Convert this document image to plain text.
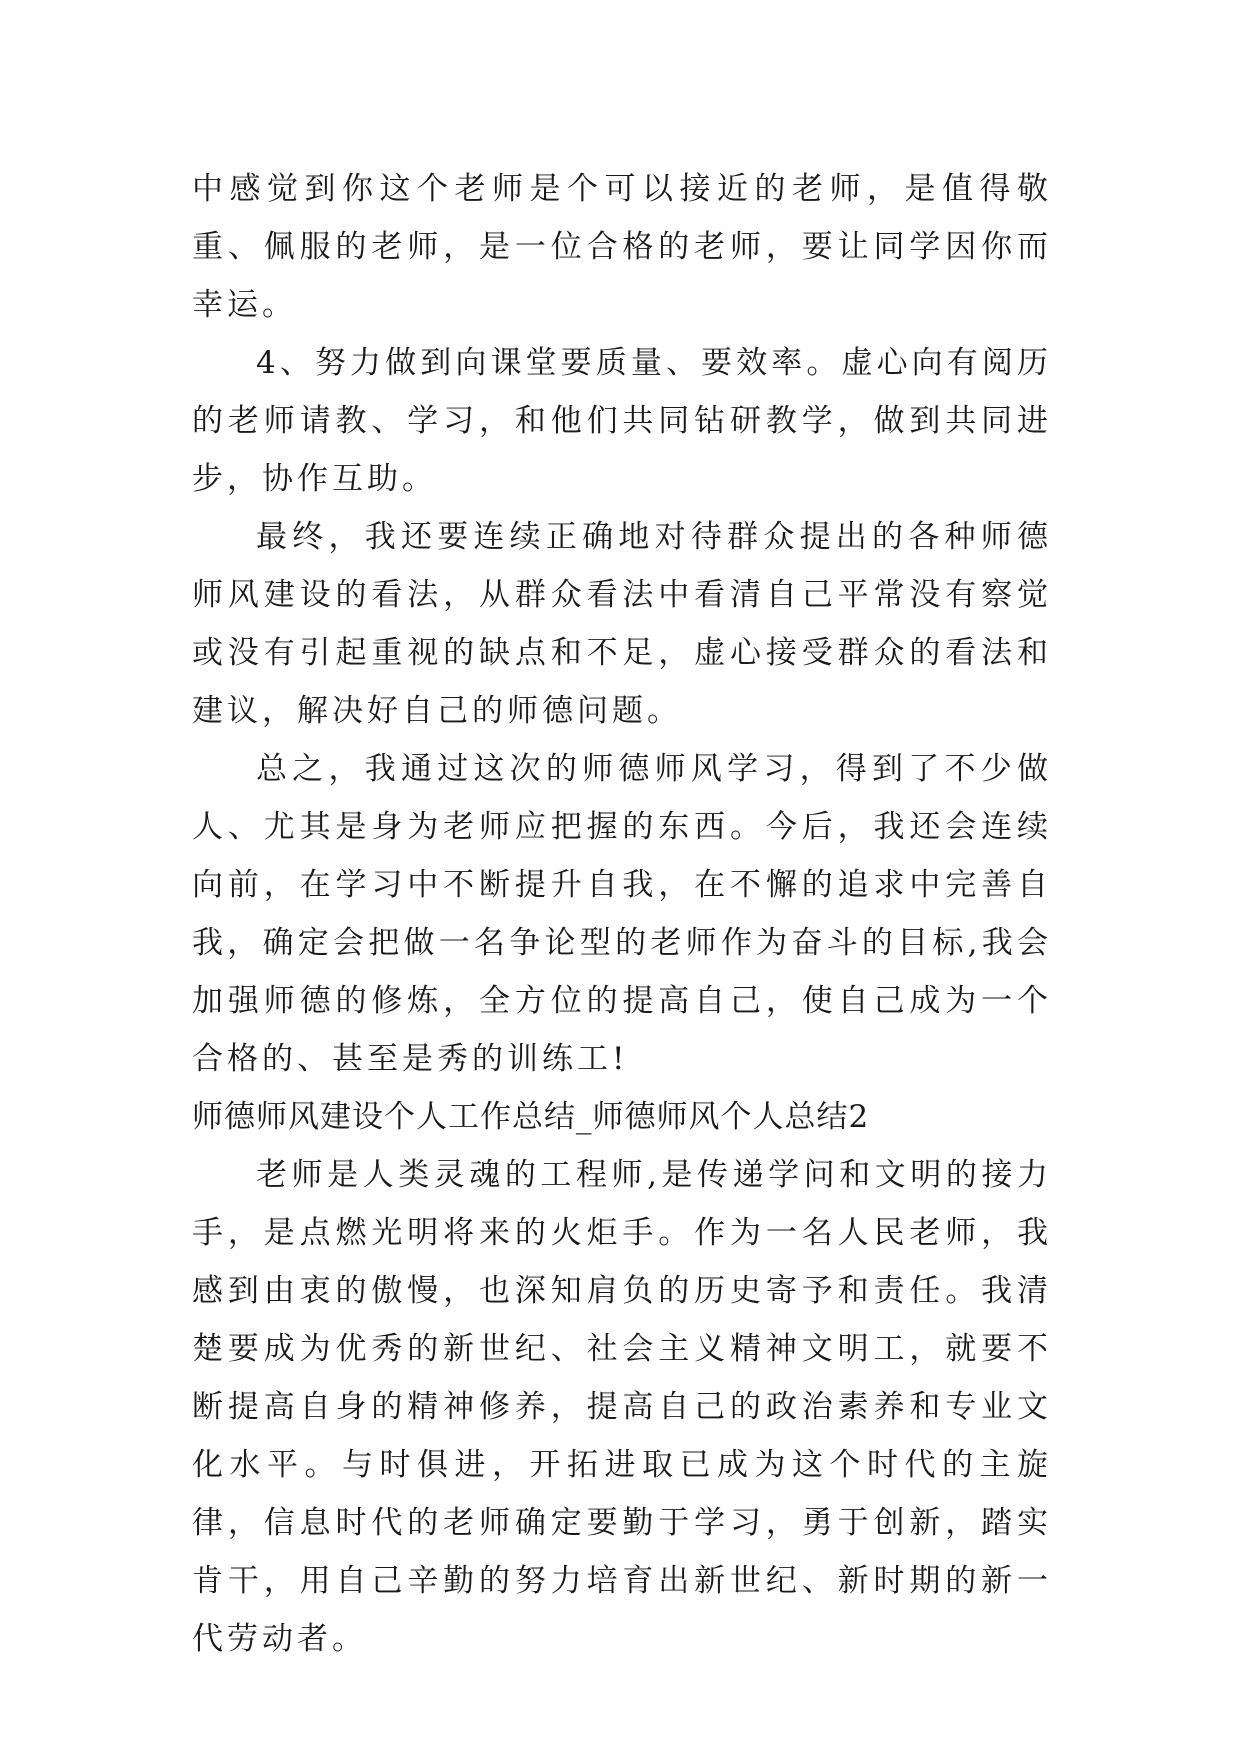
中感觉到你这个老师是个可以接近的老师，是值得敬重、佩服的老师，是一位合格的老师，要让同学因你而幸运。

4、努力做到向课堂要质量、要效率。虚心向有阅历的老师请教、学习，和他们共同钻研教学，做到共同进步，协作互助。

最终，我还要连续正确地对待群众提出的各种师德师风建设的看法，从群众看法中看清自己平常没有察觉或没有引起重视的缺点和不足，虚心接受群众的看法和建议，解决好自己的师德问题。

总之，我通过这次的师德师风学习，得到了不少做人、尤其是身为老师应把握的东西。今后，我还会连续向前，在学习中不断提升自我，在不懈的追求中完善自我，确定会把做一名争论型的老师作为奋斗的目标,我会加强师德的修炼，全方位的提高自己，使自己成为一个合格的、甚至是秀的训练工!

师德师风建设个人工作总结_师德师风个人总结2

老师是人类灵魂的工程师,是传递学问和文明的接力手，是点燃光明将来的火炬手。作为一名人民老师，我感到由衷的傲慢，也深知肩负的历史寄予和责任。我清楚要成为优秀的新世纪、社会主义精神文明工，就要不断提高自身的精神修养，提高自己的政治素养和专业文化水平。与时俱进，开拓进取已成为这个时代的主旋律，信息时代的老师确定要勤于学习，勇于创新，踏实肯干，用自己辛勤的努力培育出新世纪、新时期的新一代劳动者。
